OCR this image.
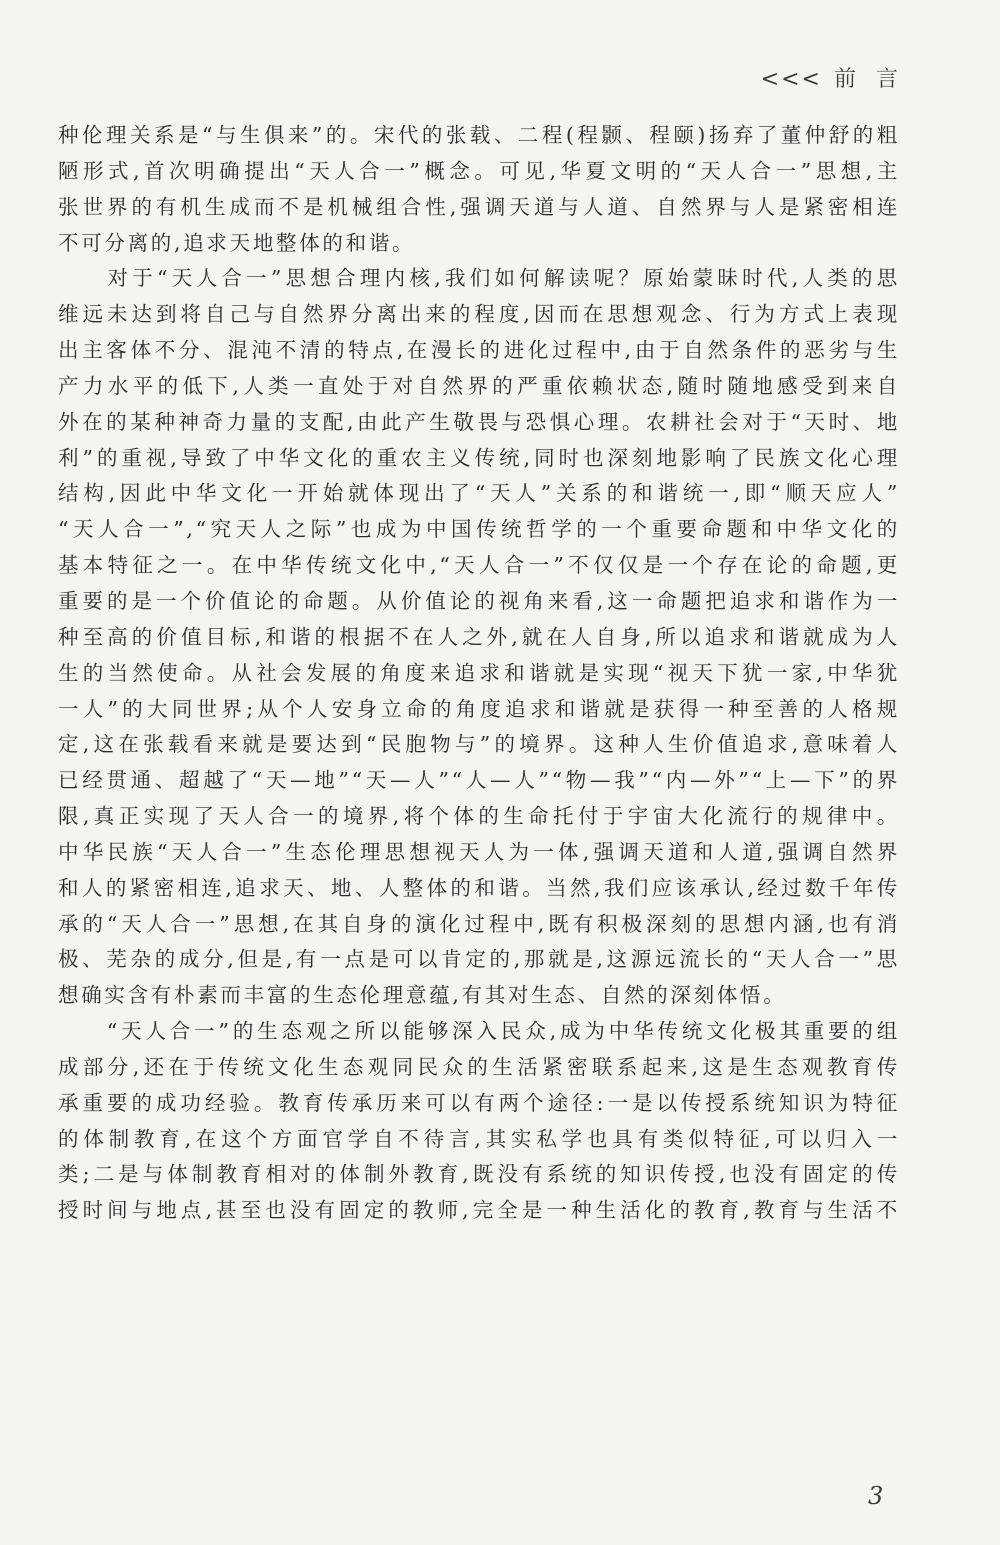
<<< 前  言
种伦理关系是“与生俱来”的。宋代的张载、二程(程颢、程颐)扬弃了董仲舒的粗
陋形式,首次明确提出“天人合一”概念。可见,华夏文明的“天人合一”思想,主
张世界的有机生成而不是机械组合性,强调天道与人道、自然界与人是紧密相连
不可分离的,追求天地整体的和谐。
　　对于“天人合一”思想合理内核,我们如何解读呢？原始蒙昧时代,人类的思
维远未达到将自己与自然界分离出来的程度,因而在思想观念、行为方式上表现
出主客体不分、混沌不清的特点,在漫长的进化过程中,由于自然条件的恶劣与生
产力水平的低下,人类一直处于对自然界的严重依赖状态,随时随地感受到来自
外在的某种神奇力量的支配,由此产生敬畏与恐惧心理。农耕社会对于“天时、地
利”的重视,导致了中华文化的重农主义传统,同时也深刻地影响了民族文化心理
结构,因此中华文化一开始就体现出了“天人”关系的和谐统一,即“顺天应人”
“天人合一”,“究天人之际”也成为中国传统哲学的一个重要命题和中华文化的
基本特征之一。在中华传统文化中,“天人合一”不仅仅是一个存在论的命题,更
重要的是一个价值论的命题。从价值论的视角来看,这一命题把追求和谐作为一
种至高的价值目标,和谐的根据不在人之外,就在人自身,所以追求和谐就成为人
生的当然使命。从社会发展的角度来追求和谐就是实现“视天下犹一家,中华犹
一人”的大同世界;从个人安身立命的角度追求和谐就是获得一种至善的人格规
定,这在张载看来就是要达到“民胞物与”的境界。这种人生价值追求,意味着人
已经贯通、超越了“天—地”“天—人”“人—人”“物—我”“内—外”“上—下”的界
限,真正实现了天人合一的境界,将个体的生命托付于宇宙大化流行的规律中。
中华民族“天人合一”生态伦理思想视天人为一体,强调天道和人道,强调自然界
和人的紧密相连,追求天、地、人整体的和谐。当然,我们应该承认,经过数千年传
承的“天人合一”思想,在其自身的演化过程中,既有积极深刻的思想内涵,也有消
极、芜杂的成分,但是,有一点是可以肯定的,那就是,这源远流长的“天人合一”思
想确实含有朴素而丰富的生态伦理意蕴,有其对生态、自然的深刻体悟。
　　“天人合一”的生态观之所以能够深入民众,成为中华传统文化极其重要的组
成部分,还在于传统文化生态观同民众的生活紧密联系起来,这是生态观教育传
承重要的成功经验。教育传承历来可以有两个途径:一是以传授系统知识为特征
的体制教育,在这个方面官学自不待言,其实私学也具有类似特征,可以归入一
类;二是与体制教育相对的体制外教育,既没有系统的知识传授,也没有固定的传
授时间与地点,甚至也没有固定的教师,完全是一种生活化的教育,教育与生活不
3
